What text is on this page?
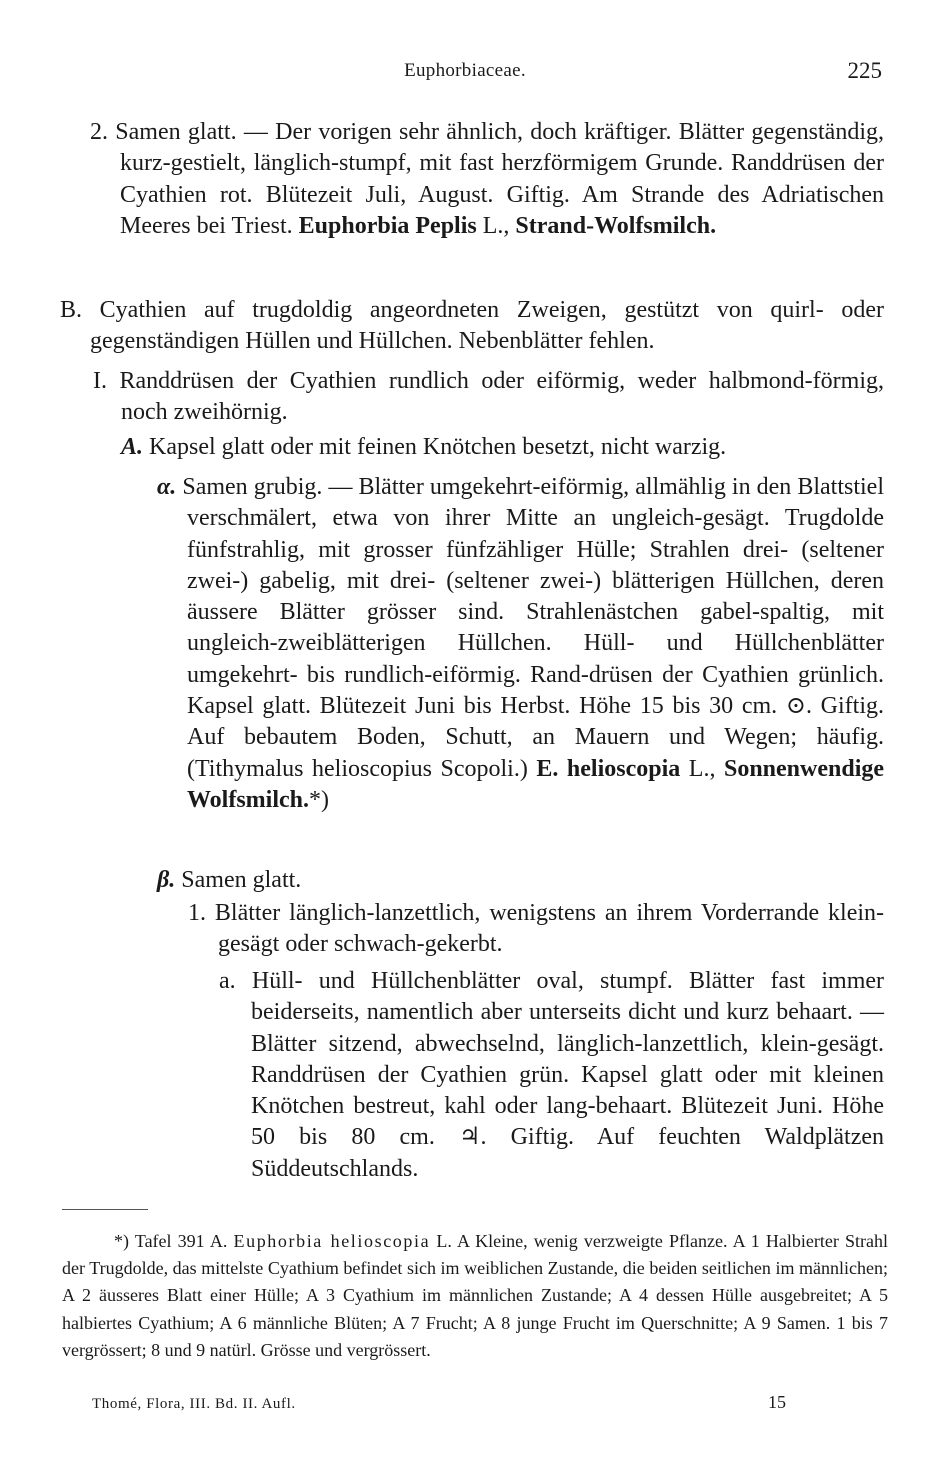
Euphorbiaceae.	225

2. Samen glatt. — Der vorigen sehr ähnlich, doch kräftiger. Blätter gegenständig, kurz-gestielt, länglich-stumpf, mit fast herzförmigem Grunde. Randdrüsen der Cyathien rot. Blütezeit Juli, August. Giftig. Am Strande des Adriatischen Meeres bei Triest. Euphorbia Peplis L., Strand-Wolfsmilch.

B. Cyathien auf trugdoldig angeordneten Zweigen, gestützt von quirl- oder gegenständigen Hüllen und Hüllchen. Nebenblätter fehlen.

I. Randdrüsen der Cyathien rundlich oder eiförmig, weder halbmond-förmig, noch zweihörnig.

A. Kapsel glatt oder mit feinen Knötchen besetzt, nicht warzig.

α. Samen grubig. — Blätter umgekehrt-eiförmig, allmählig in den Blattstiel verschmälert, etwa von ihrer Mitte an ungleich-gesägt. Trugdolde fünfstrahlig, mit grosser fünfzähliger Hülle; Strahlen drei- (seltener zwei-) gabelig, mit drei- (seltener zwei-) blätterigen Hüllchen, deren äussere Blätter grösser sind. Strahlenästchen gabel-spaltig, mit ungleich-zweiblätterigen Hüllchen. Hüll- und Hüllchenblätter umgekehrt- bis rundlich-eiförmig. Rand-drüsen der Cyathien grünlich. Kapsel glatt. Blütezeit Juni bis Herbst. Höhe 15 bis 30 cm. ⊙. Giftig. Auf bebautem Boden, Schutt, an Mauern und Wegen; häufig. (Tithymalus helioscopius Scopoli.) E. helioscopia L., Sonnenwendige Wolfsmilch.*)

β. Samen glatt.

1. Blätter länglich-lanzettlich, wenigstens an ihrem Vorderrande klein-gesägt oder schwach-gekerbt.

a. Hüll- und Hüllchenblätter oval, stumpf. Blätter fast immer beiderseits, namentlich aber unterseits dicht und kurz behaart. — Blätter sitzend, abwechselnd, länglich-lanzettlich, klein-gesägt. Randdrüsen der Cyathien grün. Kapsel glatt oder mit kleinen Knötchen bestreut, kahl oder lang-behaart. Blütezeit Juni. Höhe 50 bis 80 cm. ♃. Giftig. Auf feuchten Waldplätzen Süddeutschlands.

*) Tafel 391 A. Euphorbia helioscopia L. A Kleine, wenig verzweigte Pflanze. A 1 Halbierter Strahl der Trugdolde, das mittelste Cyathium befindet sich im weiblichen Zustande, die beiden seitlichen im männlichen; A 2 äusseres Blatt einer Hülle; A 3 Cyathium im männlichen Zustande; A 4 dessen Hülle ausgebreitet; A 5 halbiertes Cyathium; A 6 männliche Blüten; A 7 Frucht; A 8 junge Frucht im Querschnitte; A 9 Samen. 1 bis 7 vergrössert; 8 und 9 natürl. Grösse und vergrössert.

Thomé, Flora, III. Bd. II. Aufl.	15
